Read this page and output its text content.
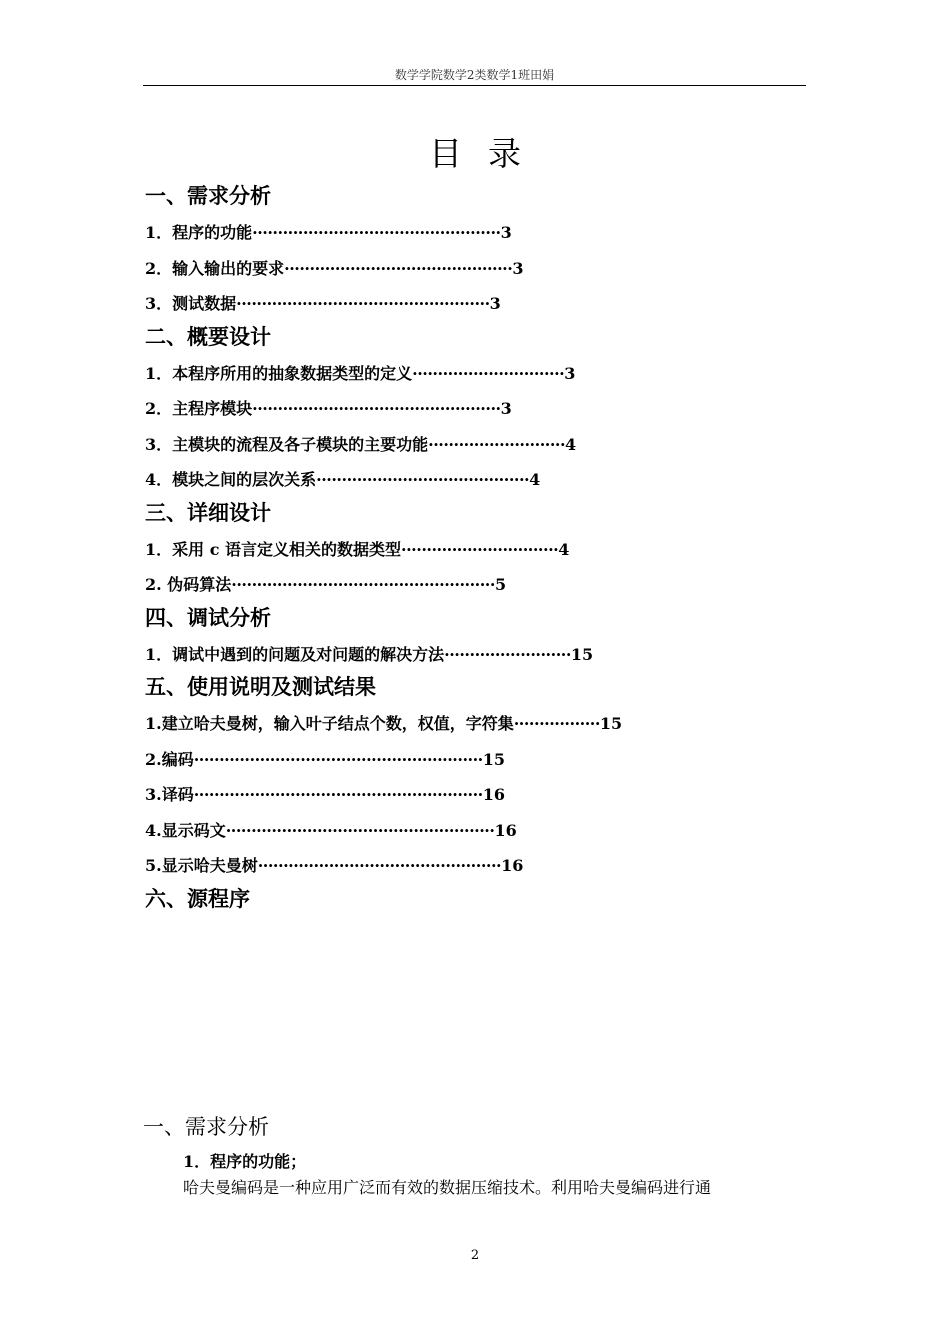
数学学院数学2类数学1班田娟
目录
一、需求分析
1．程序的功能·················································3
2．输入输出的要求·············································3
3．测试数据··················································3
二、概要设计
1．本程序所用的抽象数据类型的定义······························3
2．主程序模块·················································3
3．主模块的流程及各子模块的主要功能···························4
4．模块之间的层次关系··········································4
三、详细设计
1．采用 c 语言定义相关的数据类型·······························4
2. 伪码算法····················································5
四、调试分析
1．调试中遇到的问题及对问题的解决方法·························15
五、使用说明及测试结果
1.建立哈夫曼树，输入叶子结点个数，权值，字符集·················15
2.编码·························································15
3.译码·························································16
4.显示码文·····················································16
5.显示哈夫曼树················································16
六、源程序
一、需求分析
1．程序的功能；
哈夫曼编码是一种应用广泛而有效的数据压缩技术。利用哈夫曼编码进行通
2
